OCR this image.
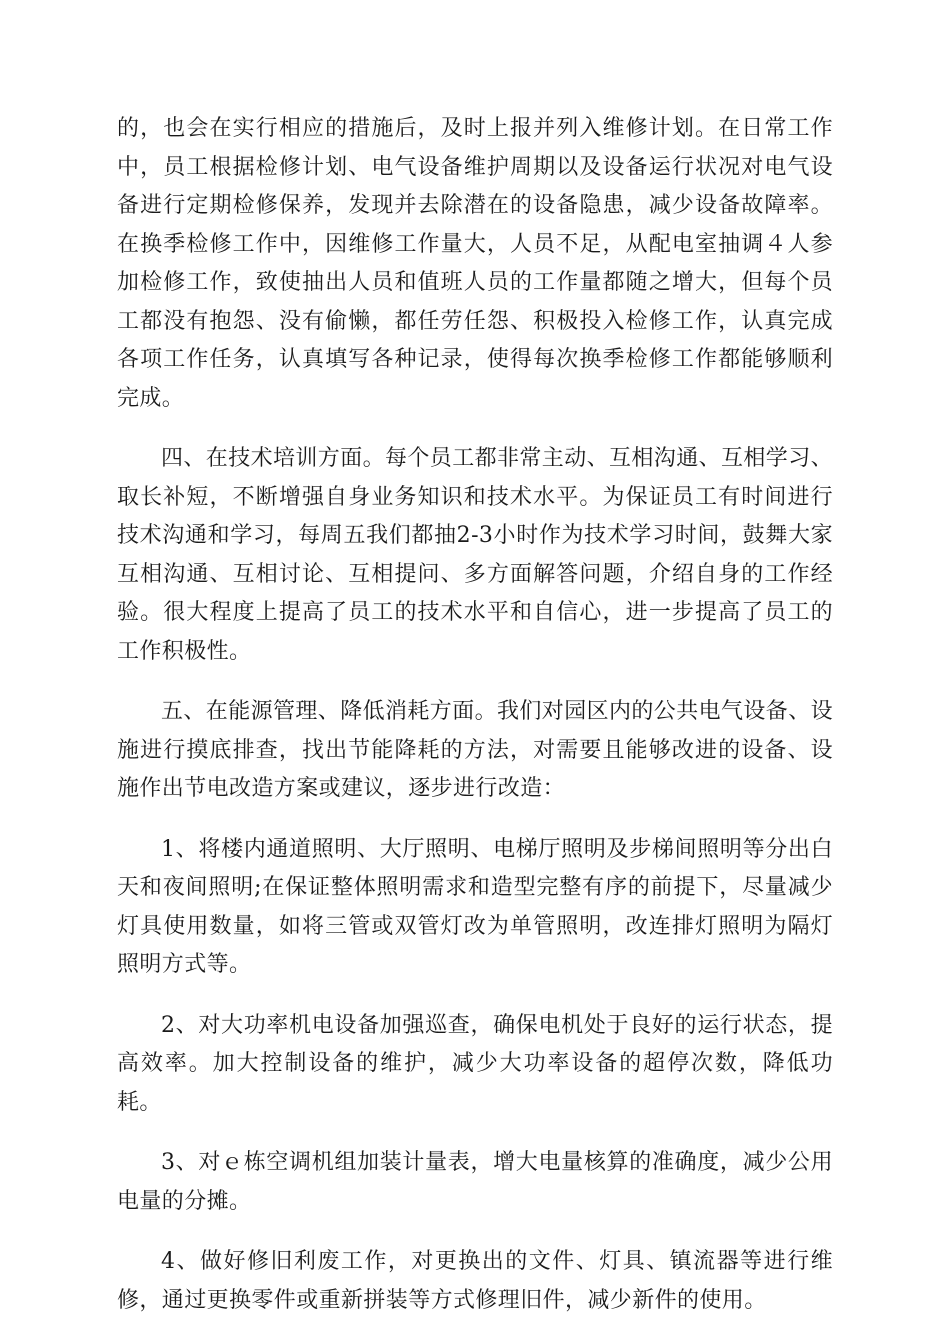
的，也会在实行相应的措施后，及时上报并列入维修计划。在日常工作中，员工根据检修计划、电气设备维护周期以及设备运行状况对电气设备进行定期检修保养，发现并去除潜在的设备隐患，减少设备故障率。在换季检修工作中，因维修工作量大，人员不足，从配电室抽调４人参加检修工作，致使抽出人员和值班人员的工作量都随之增大，但每个员工都没有抱怨、没有偷懒，都任劳任怨、积极投入检修工作，认真完成各项工作任务，认真填写各种记录，使得每次换季检修工作都能够顺利完成。

四、在技术培训方面。每个员工都非常主动、互相沟通、互相学习、取长补短，不断增强自身业务知识和技术水平。为保证员工有时间进行技术沟通和学习，每周五我们都抽2-3小时作为技术学习时间，鼓舞大家互相沟通、互相讨论、互相提问、多方面解答问题，介绍自身的工作经验。很大程度上提高了员工的技术水平和自信心，进一步提高了员工的工作积极性。

五、在能源管理、降低消耗方面。我们对园区内的公共电气设备、设施进行摸底排查，找出节能降耗的方法，对需要且能够改进的设备、设施作出节电改造方案或建议，逐步进行改造：

1、将楼内通道照明、大厅照明、电梯厅照明及步梯间照明等分出白天和夜间照明;在保证整体照明需求和造型完整有序的前提下，尽量减少灯具使用数量，如将三管或双管灯改为单管照明，改连排灯照明为隔灯照明方式等。

2、对大功率机电设备加强巡查，确保电机处于良好的运行状态，提高效率。加大控制设备的维护，减少大功率设备的超停次数，降低功耗。

3、对ｅ栋空调机组加装计量表，增大电量核算的准确度，减少公用电量的分摊。

4、做好修旧利废工作，对更换出的文件、灯具、镇流器等进行维修，通过更换零件或重新拼装等方式修理旧件，减少新件的使用。
